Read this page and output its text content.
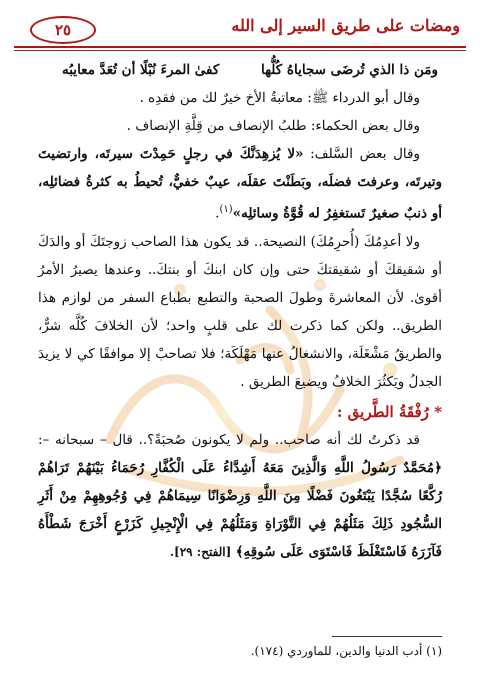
ومضات على طريق السير إلى الله
٢٥
ومَن ذا الذي تُرضَى سجاياهُ كُلُّها
كفىٰ المرءَ نُبْلًا أن تُعَدَّ معايبُه

وقال أبو الدرداء ﷺ: معاتبةُ الأخ خيرٌ لك من فقدِه .

وقال بعض الحكماء: طلبُ الإنصاف من قِلَّةِ الإنصاف .

وقال بعض السَّلف: «لا يُزهِدَنَّكَ في رجلٍ حَمِدْتَ سيرتَه، وارتضيتَ وتيرتَه، وعرفتَ فضلَه، وبَطَنْتَ عقلَه، عيبٌ خفيٌّ، تُحيطُ به كثرةُ فضائلِه، أو ذنبٌ صغيرٌ تَستغفِرُ له قُوَّةُ وسائلِه»$^{(١)}$.

ولا أعدِمُكَ (أُحرِمُكَ) النصيحة.. قد يكون هذا الصاحب زوجتَكَ أو والدَكَ أو شقيقكَ أو شقيقتكَ حتى وإن كان ابنكَ أو بنتكَ.. وعندها يصيرُ الأمرُ أقوىٰ. لأن المعاشرةَ وطولَ الصحبة والتطبع بطباع السفر من لوازم هذا الطريق.. ولكن كما ذكرت لك على قلبٍ واحد؛ لأن الخلافَ كُلَّه شرٌّ، والطريقُ مَشْغَلَة، والانشغالُ عنها مَهْلَكَة؛ فلا تصاحبْ إلا موافقًا كي لا يزيدَ الجدلُ ويَكثُرَ الخلافُ ويضيعَ الطريق .

* رُفْقَةُ الطَّريق :

قد ذكرتُ لك أنه صاحب.. ولم لا يكونون صُحبَةً؟.. قال – سبحانه –: ﴿مُحَمَّدٌ رَسُولُ اللَّهِ وَالَّذِينَ مَعَهُ أَشِدَّاءُ عَلَى الْكُفَّارِ رُحَمَاءُ بَيْنَهُمْ تَرَاهُمْ رُكَّعًا سُجَّدًا يَبْتَغُونَ فَضْلًا مِنَ اللَّهِ وَرِضْوَانًا سِيمَاهُمْ فِي وُجُوهِهِمْ مِنْ أَثَرِ السُّجُودِ ذَلِكَ مَثَلُهُمْ فِي التَّوْرَاةِ وَمَثَلُهُمْ فِي الْإِنْجِيلِ كَزَرْعٍ أَخْرَجَ شَطْأَهُ فَآزَرَهُ فَاسْتَغْلَظَ فَاسْتَوَى عَلَى سُوقِهِ﴾ [الفتح: ٢٩].

(١) أدب الدنيا والدين، للماوردي (١٧٤).
